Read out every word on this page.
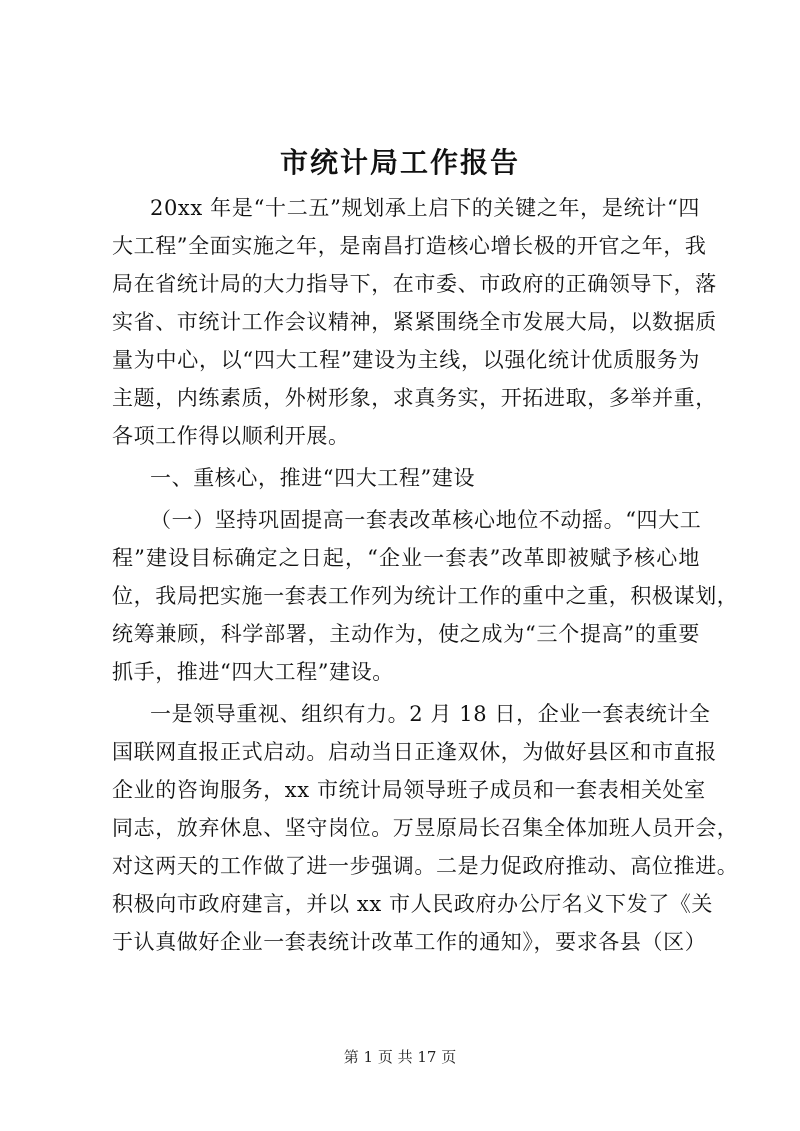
市统计局工作报告
20xx 年是“十二五”规划承上启下的关键之年，是统计“四
大工程”全面实施之年，是南昌打造核心增长极的开官之年，我
局在省统计局的大力指导下，在市委、市政府的正确领导下，落
实省、市统计工作会议精神，紧紧围绕全市发展大局，以数据质
量为中心，以“四大工程”建设为主线，以强化统计优质服务为
主题，内练素质，外树形象，求真务实，开拓进取，多举并重，
各项工作得以顺利开展。
一、重核心，推进“四大工程”建设
（一）坚持巩固提高一套表改革核心地位不动摇。“四大工
程”建设目标确定之日起，“企业一套表”改革即被赋予核心地
位，我局把实施一套表工作列为统计工作的重中之重，积极谋划，
统筹兼顾，科学部署，主动作为，使之成为“三个提高”的重要
抓手，推进“四大工程”建设。
一是领导重视、组织有力。2 月 18 日，企业一套表统计全
国联网直报正式启动。启动当日正逢双休，为做好县区和市直报
企业的咨询服务，xx 市统计局领导班子成员和一套表相关处室
同志，放弃休息、坚守岗位。万昱原局长召集全体加班人员开会，
对这两天的工作做了进一步强调。二是力促政府推动、高位推进。
积极向市政府建言，并以 xx 市人民政府办公厅名义下发了《关
于认真做好企业一套表统计改革工作的通知》，要求各县（区）
第 1 页 共 17 页
